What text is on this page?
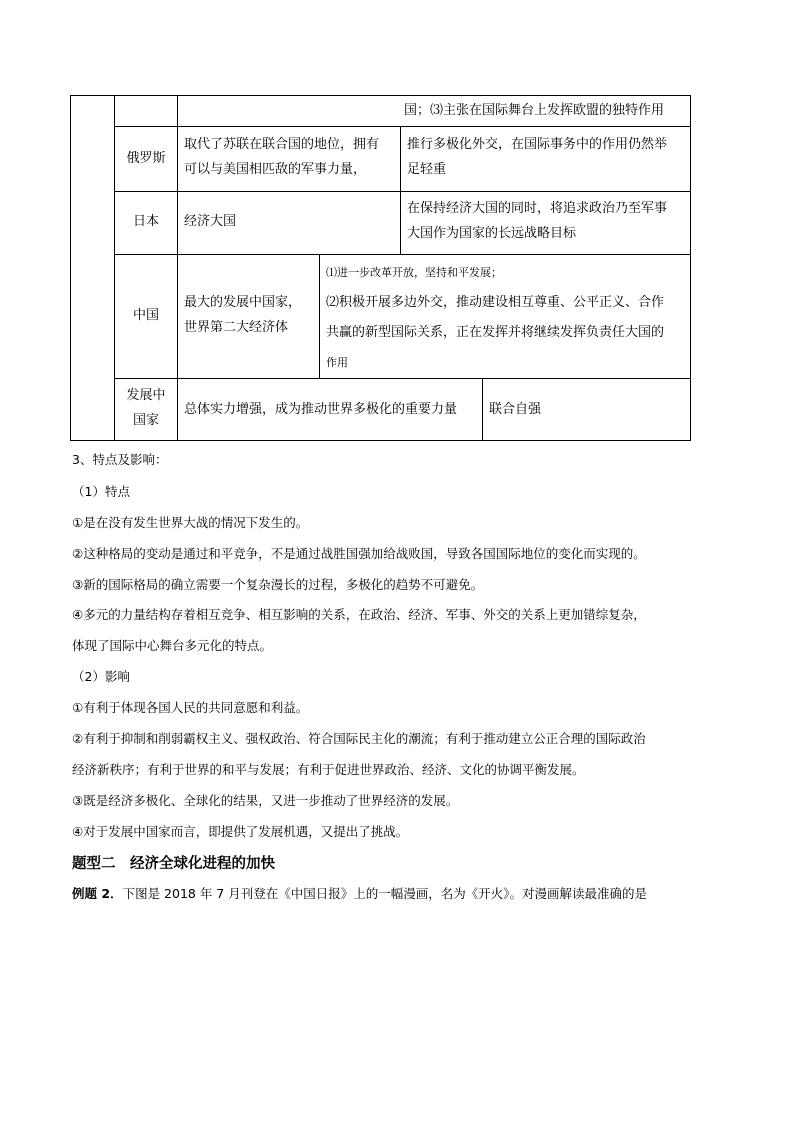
国；⑶主张在国际舞台上发挥欧盟的独特作用
俄罗斯

取代了苏联在联合国的地位，拥有

可以与美国相匹敌的军事力量，

推行多极化外交，在国际事务中的作用仍然举

足轻重

日本	经济大国

在保持经济大国的同时，将追求政治乃至军事

大国作为国家的长远战略目标

中国

最大的发展中国家，

世界第二大经济体

⑴进一步改革开放，坚持和平发展；

⑵积极开展多边外交，推动建设相互尊重、公平正义、合作

共赢的新型国际关系，正在发挥并将继续发挥负责任大国的

作用

发展中

国家

总体实力增强，成为推动世界多极化的重要力量	联合自强

3、特点及影响：
（1）特点
①是在没有发生世界大战的情况下发生的。
②这种格局的变动是通过和平竞争，不是通过战胜国强加给战败国，导致各国国际地位的变化而实现的。
③新的国际格局的确立需要一个复杂漫长的过程，多极化的趋势不可避免。
④多元的力量结构存着相互竞争、相互影响的关系，在政治、经济、军事、外交的关系上更加错综复杂，
体现了国际中心舞台多元化的特点。
（2）影响
①有利于体现各国人民的共同意愿和利益。
②有利于抑制和削弱霸权主义、强权政治、符合国际民主化的潮流；有利于推动建立公正合理的国际政治
经济新秩序；有利于世界的和平与发展；有利于促进世界政治、经济、文化的协调平衡发展。
③既是经济多极化、全球化的结果，又进一步推动了世界经济的发展。
④对于发展中国家而言，即提供了发展机遇，又提出了挑战。
题型二　经济全球化进程的加快
例题 2．下图是 2018 年 7 月刊登在《中国日报》上的一幅漫画，名为《开火》。对漫画解读最准确的是
